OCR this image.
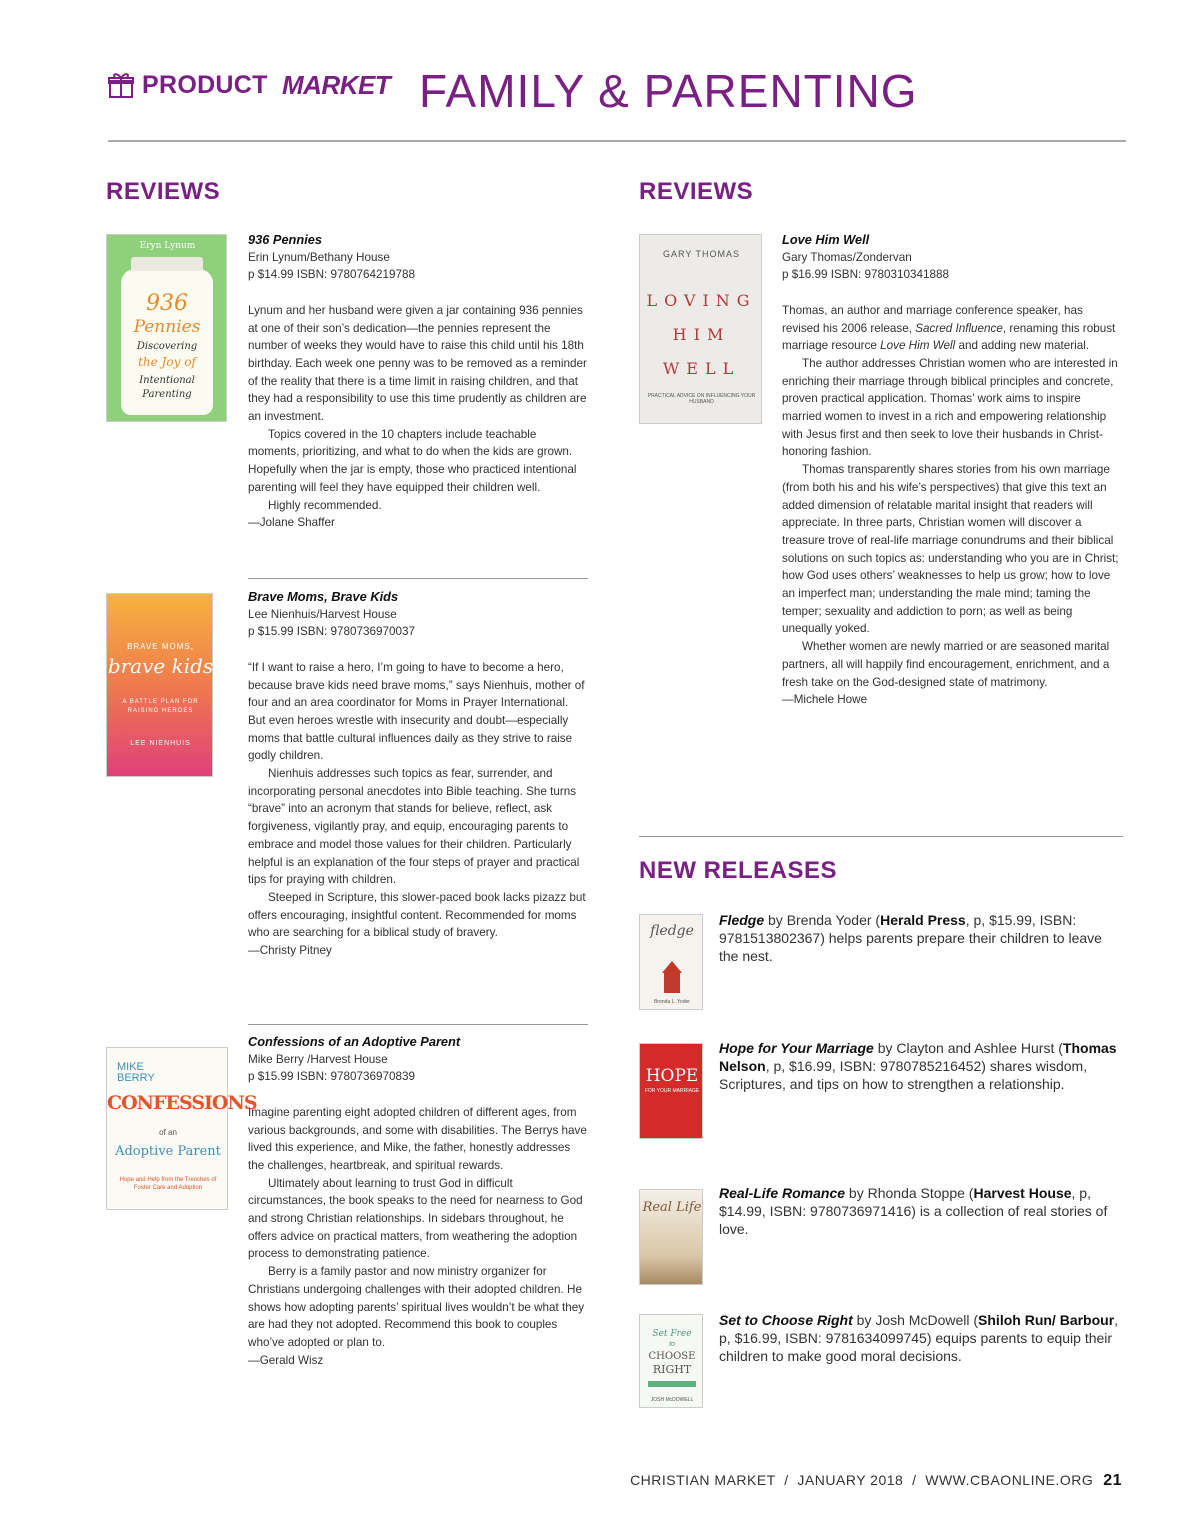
PRODUCT MARKET FAMILY & PARENTING
REVIEWS	REVIEWS
Eryn Lynum
936
Pennies
Discovering
the Joy of
Intentional
Parenting

936 Pennies

Erin Lynum/Bethany House

p $14.99 ISBN: 9780764219788

Lynum and her husband were given a jar containing 936 pennies at one of their son’s dedication—the pennies represent the number of weeks they would have to raise this child until his 18th birthday. Each week one penny was to be removed as a reminder of the reality that there is a time limit in raising children, and that they had a responsibility to use this time prudently as children are an investment.

Topics covered in the 10 chapters include teachable moments, prioritizing, and what to do when the kids are grown. Hopefully when the jar is empty, those who practiced intentional parenting will feel they have equipped their children well.

Highly recommended.

—Jolane Shaffer

BRAVE MOMS,
brave kids
A BATTLE PLAN FOR RAISING HEROES
LEE NIENHUIS

Brave Moms, Brave Kids

Lee Nienhuis/Harvest House

p $15.99 ISBN: 9780736970037

“If I want to raise a hero, I’m going to have to become a hero, because brave kids need brave moms,” says Nienhuis, mother of four and an area coordinator for Moms in Prayer International. But even heroes wrestle with insecurity and doubt—especially moms that battle cultural influences daily as they strive to raise godly children.

Nienhuis addresses such topics as fear, surrender, and incorporating personal anecdotes into Bible teaching. She turns “brave” into an acronym that stands for believe, reflect, ask forgiveness, vigilantly pray, and equip, encouraging parents to embrace and model those values for their children. Particularly helpful is an explanation of the four steps of prayer and practical tips for praying with children.

Steeped in Scripture, this slower-paced book lacks pizazz but offers encouraging, insightful content. Recommended for moms who are searching for a biblical study of bravery.

—Christy Pitney

MIKE
BERRY
CONFESSIONS
of an
Adoptive Parent
Hope and Help from the Trenches of Foster Care and Adoption

Confessions of an Adoptive Parent

Mike Berry /Harvest House

p $15.99 ISBN: 9780736970839

Imagine parenting eight adopted children of different ages, from various backgrounds, and some with disabilities. The Berrys have lived this experience, and Mike, the father, honestly addresses the challenges, heartbreak, and spiritual rewards.

Ultimately about learning to trust God in difficult circumstances, the book speaks to the need for nearness to God and strong Christian relationships. In sidebars throughout, he offers advice on practical matters, from weathering the adoption process to demonstrating patience.

Berry is a family pastor and now ministry organizer for Christians undergoing challenges with their adopted children. He shows how adopting parents’ spiritual lives wouldn’t be what they are had they not adopted. Recommend this book to couples who’ve adopted or plan to.

—Gerald Wisz

GARY THOMAS
LOVING
HIM
WELL
PRACTICAL ADVICE ON INFLUENCING YOUR HUSBAND

Love Him Well

Gary Thomas/Zondervan

p $16.99 ISBN: 9780310341888

Thomas, an author and marriage conference speaker, has revised his 2006 release, Sacred Influence, renaming this robust marriage resource Love Him Well and adding new material.

The author addresses Christian women who are interested in enriching their marriage through biblical principles and concrete, proven practical application. Thomas’ work aims to inspire married women to invest in a rich and empowering relationship with Jesus first and then seek to love their husbands in Christ-honoring fashion.

Thomas transparently shares stories from his own marriage (from both his and his wife’s perspectives) that give this text an added dimension of relatable marital insight that readers will appreciate. In three parts, Christian women will discover a treasure trove of real-life marriage conundrums and their biblical solutions on such topics as: understanding who you are in Christ; how God uses others’ weaknesses to help us grow; how to love an imperfect man; understanding the male mind; taming the temper; sexuality and addiction to porn; as well as being unequally yoked.

Whether women are newly married or are seasoned marital partners, all will happily find encouragement, enrichment, and a fresh take on the God-designed state of matrimony.

—Michele Howe

NEW RELEASES
fledge
Brenda L. Yoder
Fledge by Brenda Yoder (Herald Press, p, $15.99, ISBN: 9781513802367) helps parents prepare their children to leave the nest.
HOPE
FOR YOUR MARRIAGE
Hope for Your Marriage by Clayton and Ashlee Hurst (Thomas Nelson, p, $16.99, ISBN: 9780785216452) shares wisdom, Scriptures, and tips on how to strengthen a relationship.
Real Life
Real-Life Romance by Rhonda Stoppe (Harvest House, p, $14.99, ISBN: 9780736971416) is a collection of real stories of love.
Set Free
to
CHOOSE
RIGHT
JOSH McDOWELL
Set to Choose Right by Josh McDowell (Shiloh Run/ Barbour, p, $16.99, ISBN: 9781634099745) equips parents to equip their children to make good moral decisions.
CHRISTIAN MARKET  /  JANUARY 2018  /  WWW.CBAONLINE.ORG 21
